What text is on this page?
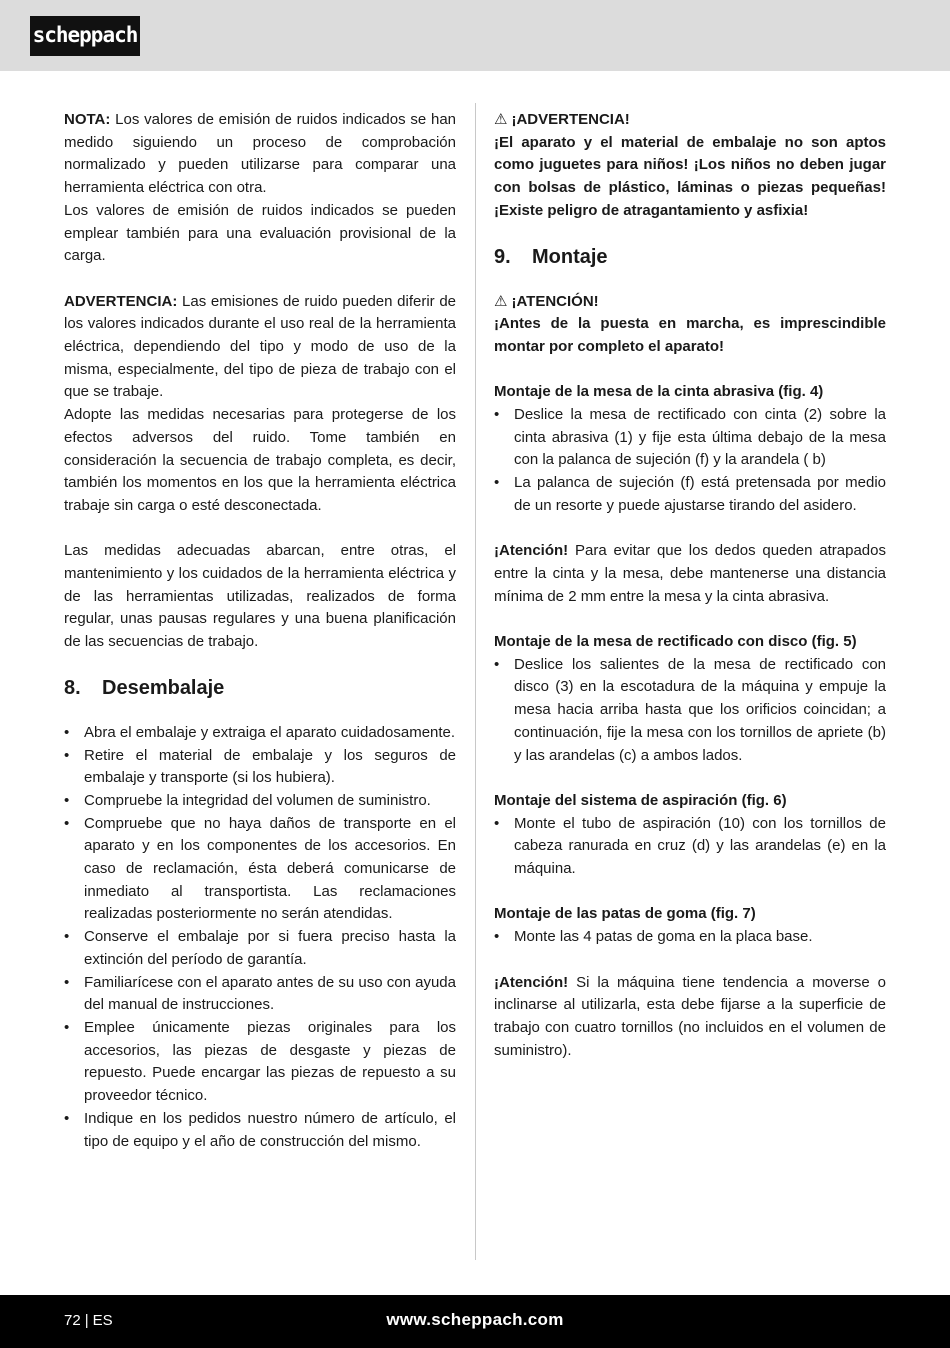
scheppach

NOTA: Los valores de emisión de ruidos indicados se han medido siguiendo un proceso de comprobación normalizado y pueden utilizarse para comparar una herramienta eléctrica con otra.

Los valores de emisión de ruidos indicados se pueden emplear también para una evaluación provisional de la carga.

ADVERTENCIA: Las emisiones de ruido pueden diferir de los valores indicados durante el uso real de la herramienta eléctrica, dependiendo del tipo y modo de uso de la misma, especialmente, del tipo de pieza de trabajo con el que se trabaje.

Adopte las medidas necesarias para protegerse de los efectos adversos del ruido. Tome también en consideración la secuencia de trabajo completa, es decir, también los momentos en los que la herramienta eléctrica trabaje sin carga o esté desconectada.

Las medidas adecuadas abarcan, entre otras, el mantenimiento y los cuidados de la herramienta eléctrica y de las herramientas utilizadas, realizados de forma regular, unas pausas regulares y una buena planificación de las secuencias de trabajo.

8. Desembalaje
• Abra el embalaje y extraiga el aparato cuidadosamente.
• Retire el material de embalaje y los seguros de embalaje y transporte (si los hubiera).
• Compruebe la integridad del volumen de suministro.
• Compruebe que no haya daños de transporte en el aparato y en los componentes de los accesorios. En caso de reclamación, ésta deberá comunicarse de inmediato al transportista. Las reclamaciones realizadas posteriormente no serán atendidas.
• Conserve el embalaje por si fuera preciso hasta la extinción del período de garantía.
• Familiarícese con el aparato antes de su uso con ayuda del manual de instrucciones.
• Emplee únicamente piezas originales para los accesorios, las piezas de desgaste y piezas de repuesto. Puede encargar las piezas de repuesto a su proveedor técnico.
• Indique en los pedidos nuestro número de artículo, el tipo de equipo y el año de construcción del mismo.

⚠ ¡ADVERTENCIA!

¡El aparato y el material de embalaje no son aptos como juguetes para niños! ¡Los niños no deben jugar con bolsas de plástico, láminas o piezas pequeñas! ¡Existe peligro de atragantamiento y asfixia!

9. Montaje

⚠ ¡ATENCIÓN!

¡Antes de la puesta en marcha, es imprescindible montar por completo el aparato!

Montaje de la mesa de la cinta abrasiva (fig. 4)

• Deslice la mesa de rectificado con cinta (2) sobre la cinta abrasiva (1) y fije esta última debajo de la mesa con la palanca de sujeción (f) y la arandela ( b)
• La palanca de sujeción (f) está pretensada por medio de un resorte y puede ajustarse tirando del asidero.

¡Atención! Para evitar que los dedos queden atrapados entre la cinta y la mesa, debe mantenerse una distancia mínima de 2 mm entre la mesa y la cinta abrasiva.

Montaje de la mesa de rectificado con disco (fig. 5)

• Deslice los salientes de la mesa de rectificado con disco (3) en la escotadura de la máquina y empuje la mesa hacia arriba hasta que los orificios coincidan; a continuación, fije la mesa con los tornillos de apriete (b) y las arandelas (c) a ambos lados.

Montaje del sistema de aspiración (fig. 6)

• Monte el tubo de aspiración (10) con los tornillos de cabeza ranurada en cruz (d) y las arandelas (e) en la máquina.

Montaje de las patas de goma (fig. 7)

• Monte las 4 patas de goma en la placa base.

¡Atención! Si la máquina tiene tendencia a moverse o inclinarse al utilizarla, esta debe fijarse a la superficie de trabajo con cuatro tornillos (no incluidos en el volumen de suministro).

72 | ES	www.scheppach.com
